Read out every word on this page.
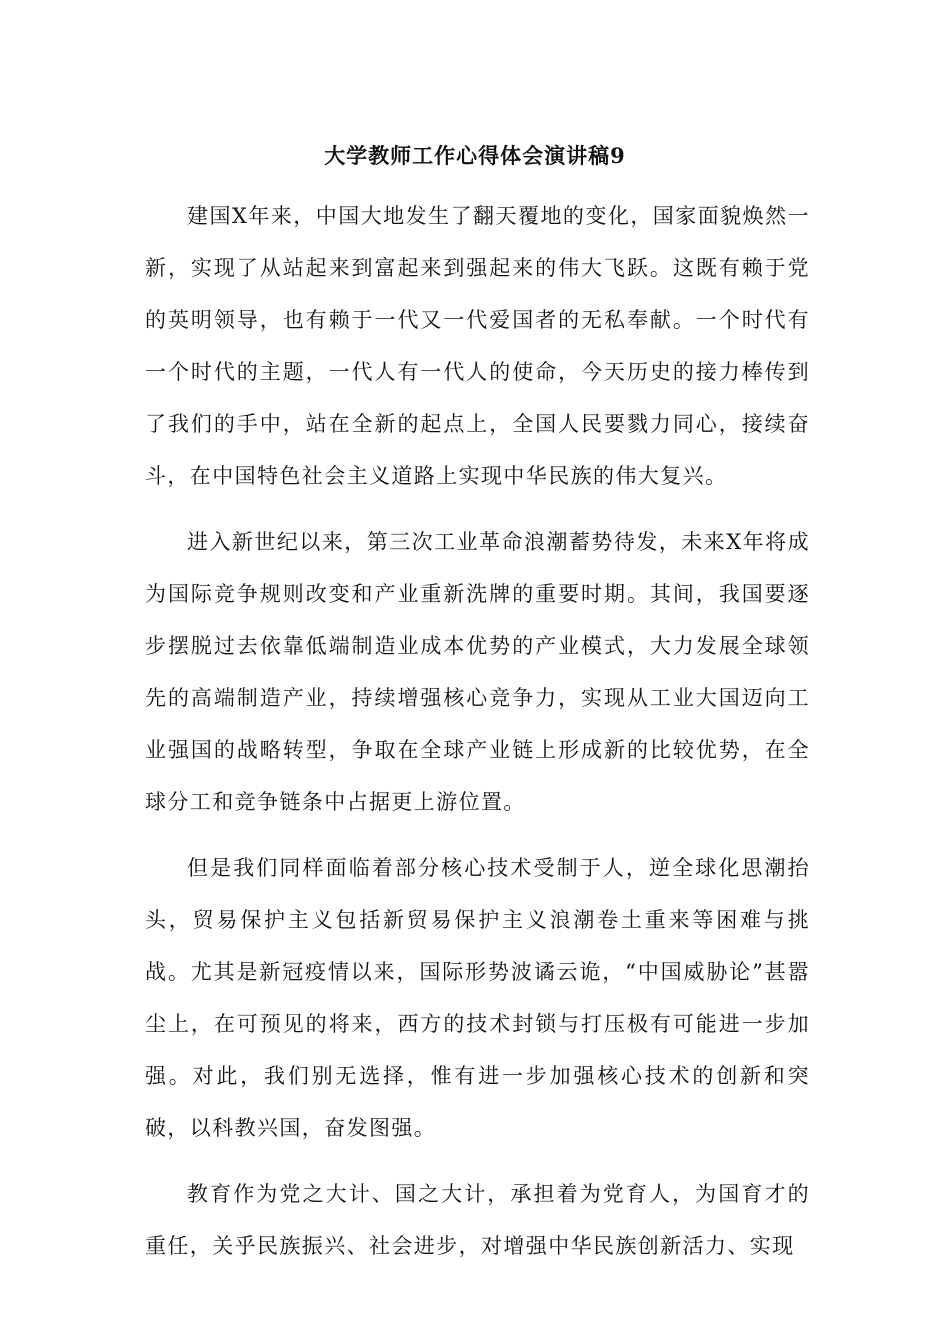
大学教师工作心得体会演讲稿9

建国X年来，中国大地发生了翻天覆地的变化，国家面貌焕然一新，实现了从站起来到富起来到强起来的伟大飞跃。这既有赖于党的英明领导，也有赖于一代又一代爱国者的无私奉献。一个时代有一个时代的主题，一代人有一代人的使命，今天历史的接力棒传到了我们的手中，站在全新的起点上，全国人民要戮力同心，接续奋斗，在中国特色社会主义道路上实现中华民族的伟大复兴。

进入新世纪以来，第三次工业革命浪潮蓄势待发，未来X年将成为国际竞争规则改变和产业重新洗牌的重要时期。其间，我国要逐步摆脱过去依靠低端制造业成本优势的产业模式，大力发展全球领先的高端制造产业，持续增强核心竞争力，实现从工业大国迈向工业强国的战略转型，争取在全球产业链上形成新的比较优势，在全球分工和竞争链条中占据更上游位置。

但是我们同样面临着部分核心技术受制于人，逆全球化思潮抬头，贸易保护主义包括新贸易保护主义浪潮卷土重来等困难与挑战。尤其是新冠疫情以来，国际形势波谲云诡，“中国威胁论”甚嚣尘上，在可预见的将来，西方的技术封锁与打压极有可能进一步加强。对此，我们别无选择，惟有进一步加强核心技术的创新和突破，以科教兴国，奋发图强。

教育作为党之大计、国之大计，承担着为党育人，为国育才的重任，关乎民族振兴、社会进步，对增强中华民族创新活力、实现
